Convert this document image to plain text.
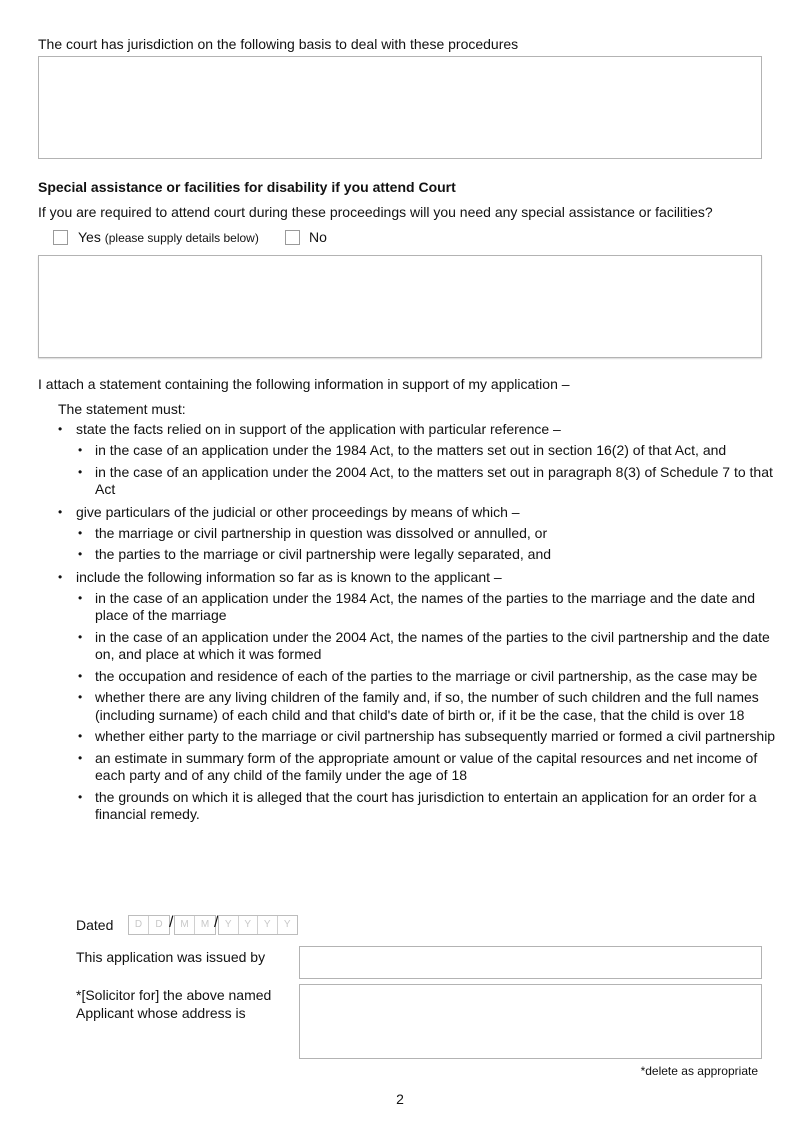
The court has jurisdiction on the following basis to deal with these procedures
Special assistance or facilities for disability if you attend Court
If you are required to attend court during these proceedings will you need any special assistance or facilities?
Yes (please supply details below)	No
I attach a statement containing the following information in support of my application –
The statement must:
• state the facts relied on in support of the application with particular reference –
• in the case of an application under the 1984 Act, to the matters set out in section 16(2) of that Act, and
• in the case of an application under the 2004 Act, to the matters set out in paragraph 8(3) of Schedule 7 to that Act
• give particulars of the judicial or other proceedings by means of which –
• the marriage or civil partnership in question was dissolved or annulled, or
• the parties to the marriage or civil partnership were legally separated, and
• include the following information so far as is known to the applicant –
• in the case of an application under the 1984 Act, the names of the parties to the marriage and the date and place of the marriage
• in the case of an application under the 2004 Act, the names of the parties to the civil partnership and the date on, and place at which it was formed
• the occupation and residence of each of the parties to the marriage or civil partnership, as the case may be
• whether there are any living children of the family and, if so, the number of such children and the full names (including surname) of each child and that child's date of birth or, if it be the case, that the child is over 18
• whether either party to the marriage or civil partnership has subsequently married or formed a civil partnership
• an estimate in summary form of the appropriate amount or value of the capital resources and net income of each party and of any child of the family under the age of 18
• the grounds on which it is alleged that the court has jurisdiction to entertain an application for an order for a financial remedy.
Dated	D	D / M	M / Y	Y	Y	Y
This application was issued by
*[Solicitor for] the above named
Applicant whose address is
*delete as appropriate
2
